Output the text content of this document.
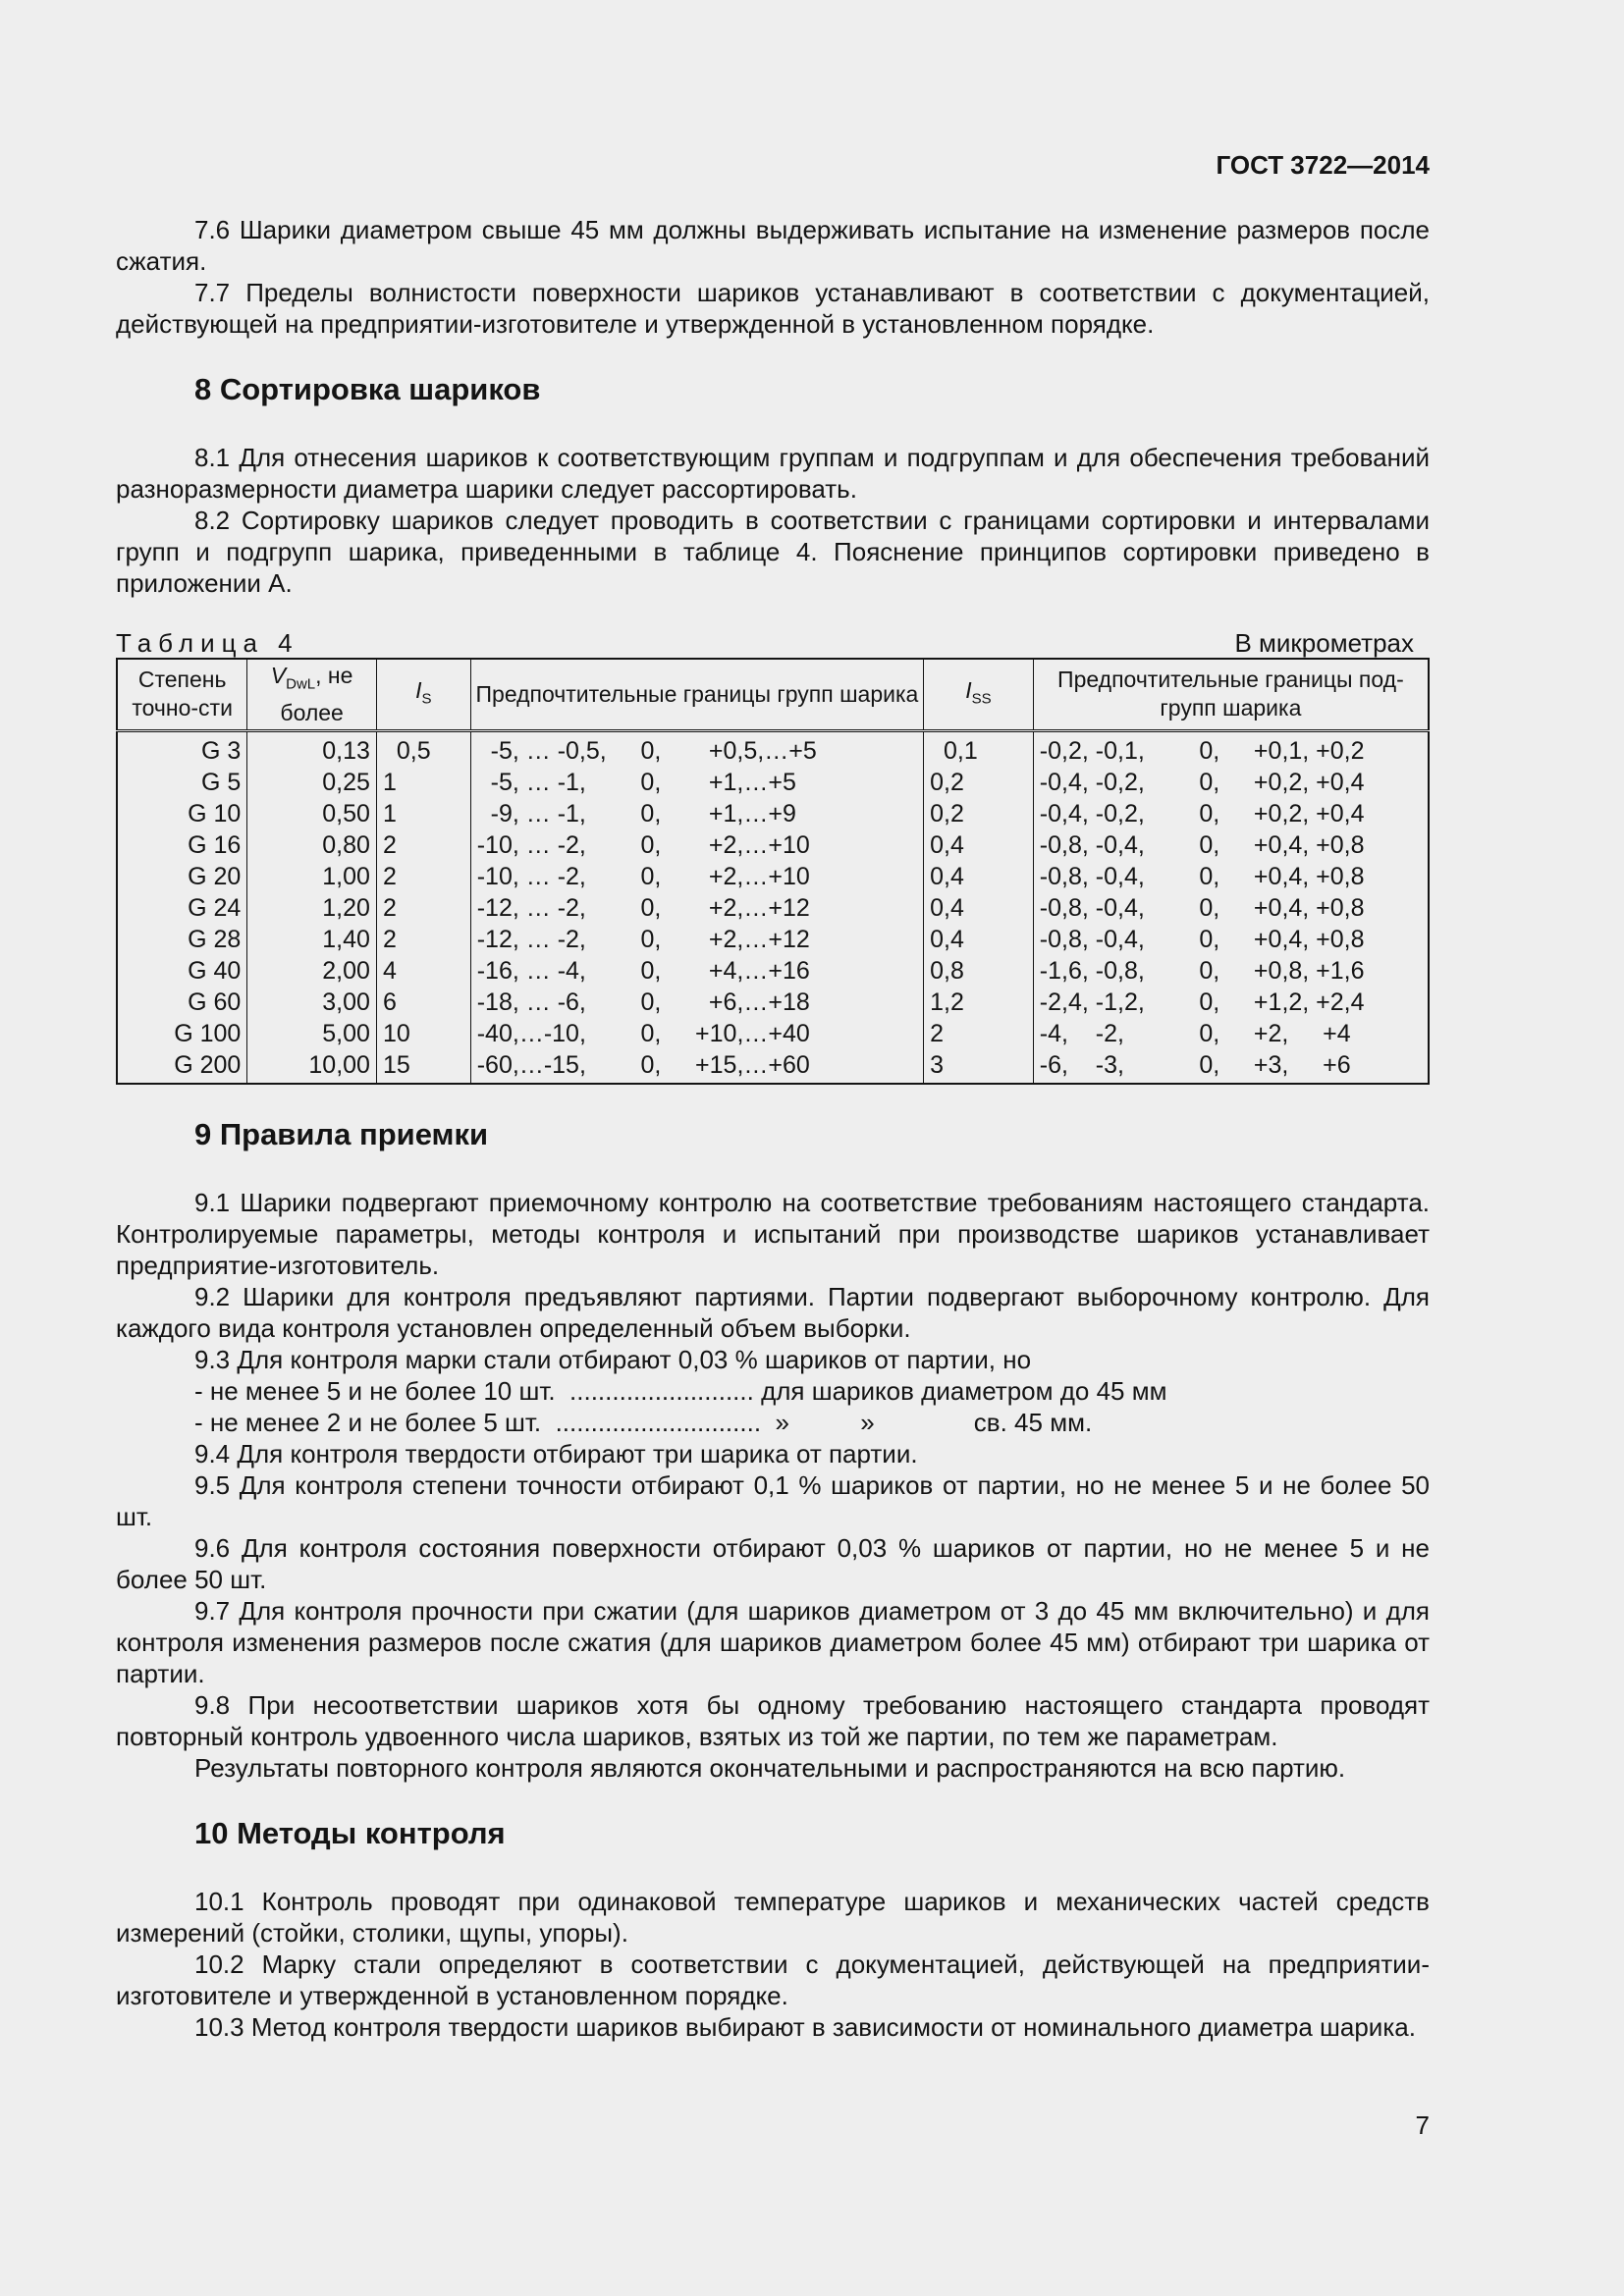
ГОСТ 3722—2014

7.6 Шарики диаметром свыше 45 мм должны выдерживать испытание на изменение размеров после сжатия.

7.7 Пределы волнистости поверхности шариков устанавливают в соответствии с документацией, действующей на предприятии-изготовителе и утвержденной в установленном порядке.

8 Сортировка шариков

8.1 Для отнесения шариков к соответствующим группам и подгруппам и для обеспечения требований разноразмерности диаметра шарики следует рассортировать.

8.2 Сортировку шариков следует проводить в соответствии с границами сортировки и интервалами групп и подгрупп шарика, приведенными в таблице 4. Пояснение принципов сортировки приведено в приложении А.

Таблица 4	В микрометрах
Степень точно-сти	$V_{DwL}$, не более	$I_S$	Предпочтительные границы групп шарика	$I_{SS}$	Предпочтительные границы под-групп шарика
G 3	0,13	0,5	-5, … -0,5,     0,       +0,5,…+5	0,1	-0,2, -0,1,        0,     +0,1, +0,2
G 5	0,25	1	-5, … -1,        0,       +1,…+5	0,2	-0,4, -0,2,        0,     +0,2, +0,4
G 10	0,50	1	-9, … -1,        0,       +1,…+9	0,2	-0,4, -0,2,        0,     +0,2, +0,4
G 16	0,80	2	-10, … -2,        0,       +2,…+10	0,4	-0,8, -0,4,        0,     +0,4, +0,8
G 20	1,00	2	-10, … -2,        0,       +2,…+10	0,4	-0,8, -0,4,        0,     +0,4, +0,8
G 24	1,20	2	-12, … -2,        0,       +2,…+12	0,4	-0,8, -0,4,        0,     +0,4, +0,8
G 28	1,40	2	-12, … -2,        0,       +2,…+12	0,4	-0,8, -0,4,        0,     +0,4, +0,8
G 40	2,00	4	-16, … -4,        0,       +4,…+16	0,8	-1,6, -0,8,        0,     +0,8, +1,6
G 60	3,00	6	-18, … -6,        0,       +6,…+18	1,2	-2,4, -1,2,        0,     +1,2, +2,4
G 100	5,00	10	-40,…-10,        0,     +10,…+40	2	-4,    -2,           0,     +2,     +4
G 200	10,00	15	-60,…-15,        0,     +15,…+60	3	-6,    -3,           0,     +3,     +6
9 Правила приемки

9.1 Шарики подвергают приемочному контролю на соответствие требованиям настоящего стандарта. Контролируемые параметры, методы контроля и испытаний при производстве шариков устанавливает предприятие-изготовитель.

9.2 Шарики для контроля предъявляют партиями. Партии подвергают выборочному контролю. Для каждого вида контроля установлен определенный объем выборки.

9.3 Для контроля марки стали отбирают 0,03 % шариков от партии, но

- не менее 5 и не более 10 шт.  .......................... для шариков диаметром до 45 мм

- не менее 2 и не более 5 шт.  .............................  »          »              св. 45 мм.

9.4 Для контроля твердости отбирают три шарика от партии.

9.5 Для контроля степени точности отбирают 0,1 % шариков от партии, но не менее 5 и не более 50 шт.

9.6 Для контроля состояния поверхности отбирают 0,03 % шариков от партии, но не менее 5 и не более 50 шт.

9.7 Для контроля прочности при сжатии (для шариков диаметром от 3 до 45 мм включительно) и для контроля изменения размеров после сжатия (для шариков диаметром более 45 мм) отбирают три шарика от партии.

9.8 При несоответствии шариков хотя бы одному требованию настоящего стандарта проводят повторный контроль удвоенного числа шариков, взятых из той же партии, по тем же параметрам.

Результаты повторного контроля являются окончательными и распространяются на всю партию.

10 Методы контроля

10.1 Контроль проводят при одинаковой температуре шариков и механических частей средств измерений (стойки, столики, щупы, упоры).

10.2 Марку стали определяют в соответствии с документацией, действующей на предприятии-изготовителе и утвержденной в установленном порядке.

10.3 Метод контроля твердости шариков выбирают в зависимости от номинального диаметра шарика.

7
